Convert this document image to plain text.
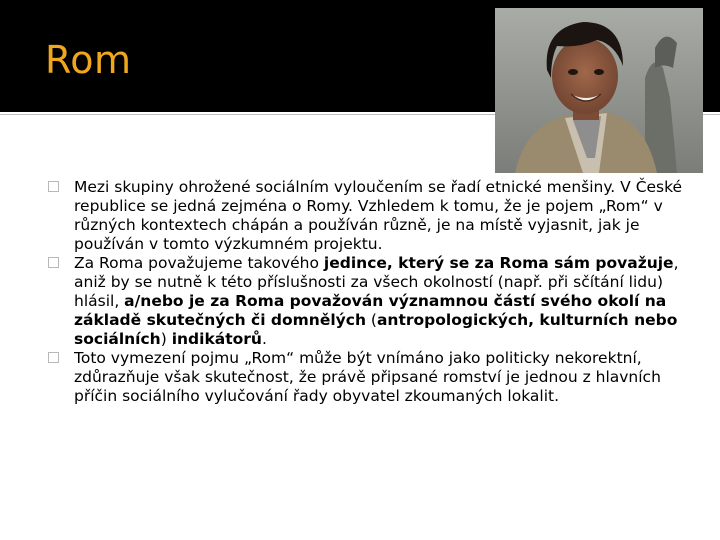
Rom

Mezi skupiny ohrožené sociálním vyloučením se řadí etnické menšiny. V České republice se jedná zejména o Romy. Vzhledem k tomu, že je pojem „Rom“ v různých kontextech chápán a používán různě, je na místě vyjasnit, jak je používán v tomto výzkumném projektu.

Za Roma považujeme takového jedince, který se za Roma sám považuje, aniž by se nutně k této příslušnosti za všech okolností (např. při sčítání lidu) hlásil, a/nebo je za Roma považován významnou částí svého okolí na základě skutečných či domnělých (antropologických, kulturních nebo sociálních) indikátorů.

Toto vymezení pojmu „Rom“ může být vnímáno jako politicky nekorektní, zdůrazňuje však skutečnost, že právě připsané romství je jednou z hlavních příčin sociálního vylučování řady obyvatel zkoumaných lokalit.
